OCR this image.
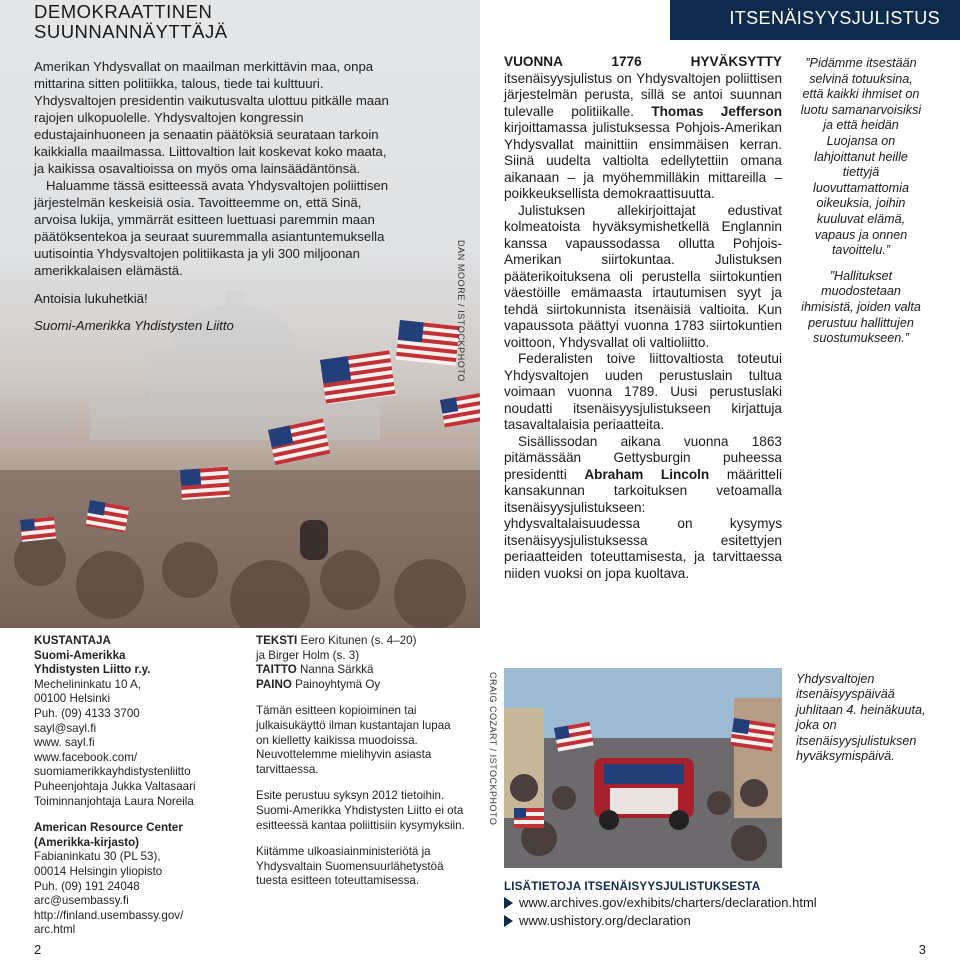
DEMOKRAATTINEN
SUUNNANNÄYTTÄJÄ

Amerikan Yhdysvallat on maailman merkittävin maa, onpa mittarina sitten politiikka, talous, tiede tai kulttuuri. Yhdysvaltojen presidentin vaikutusvalta ulottuu pitkälle maan rajojen ulkopuolelle. Yhdysvaltojen kongressin edustajainhuoneen ja senaatin päätöksiä seurataan tarkoin kaikkialla maailmassa. Liittovaltion lait koskevat koko maata, ja kaikissa osavaltioissa on myös oma lainsäädäntönsä.

Haluamme tässä esitteessä avata Yhdysvaltojen poliittisen järjestelmän keskeisiä osia. Tavoitteemme on, että Sinä, arvoisa lukija, ymmärrät esitteen luettuasi paremmin maan päätöksentekoa ja seuraat suuremmalla asiantuntemuksella uutisointia Yhdysvaltojen politiikasta ja yli 300 miljoonan amerikkalaisen elämästä.

Antoisia lukuhetkiä!

Suomi-Amerikka Yhdistysten Liitto	DAN MOORE / ISTOCKPHOTO
KUSTANTAJA
Suomi-Amerikka
Yhdistysten Liitto r.y.
Mechelininkatu 10 A,
00100 Helsinki
Puh. (09) 4133 3700
sayl@sayl.fi
www. sayl.fi
www.facebook.com/
suomiamerikkayhdistystenliitto
Puheenjohtaja Jukka Valtasaari
Toiminnanjohtaja Laura Noreila
American Resource Center
(Amerikka-kirjasto)
Fabianinkatu 30 (PL 53),
00014 Helsingin yliopisto
Puh. (09) 191 24048
arc@usembassy.fi
http://finland.usembassy.gov/
arc.html
TEKSTI Eero Kitunen (s. 4–20)
ja Birger Holm (s. 3)
TAITTO Nanna Särkkä
PAINO Painoyhtymä Oy
Tämän esitteen kopioiminen tai julkaisukäyttö ilman kustantajan lupaa on kielletty kaikissa muodoissa. Neuvottelemme mielihyvin asiasta tarvittaessa.
Esite perustuu syksyn 2012 tietoihin. Suomi-Amerikka Yhdistysten Liitto ei ota esitteessä kantaa poliittisiin kysymyksiin.
Kiitämme ulkoasiainministeriötä ja Yhdysvaltain Suomensuurlähetystöä tuesta esitteen toteuttamisessa.
2
ITSENÄISYYSJULISTUS

VUONNA 1776 HYVÄKSYTTY itsenäisyysjulistus on Yhdysvaltojen poliittisen järjestelmän perusta, sillä se antoi suunnan tulevalle politiikalle. Thomas Jefferson kirjoittamassa julistuksessa Pohjois-Amerikan Yhdysvallat mainittiin ensimmäisen kerran. Siinä uudelta valtiolta edellytettiin omana aikanaan – ja myöhemmilläkin mittareilla – poikkeuksellista demokraattisuutta.

Julistuksen allekirjoittajat edustivat kolmeatoista hyväksymishetkellä Englannin kanssa vapaussodassa ollutta Pohjois-Amerikan siirtokuntaa. Julistuksen pääterikoituksena oli perustella siirtokuntien väestöille emämaasta irtautumisen syyt ja tehdä siirtokunnista itsenäisiä valtioita. Kun vapaussota päättyi vuonna 1783 siirtokuntien voittoon, Yhdysvallat oli valtioliitto.

Federalisten toive liittovaltiosta toteutui Yhdysvaltojen uuden perustuslain tultua voimaan vuonna 1789. Uusi perustuslaki noudatti itsenäisyysjulistukseen kirjattuja tasavaltalaisia periaatteita.

Sisällissodan aikana vuonna 1863 pitämässään Gettysburgin puheessa presidentti Abraham Lincoln määritteli kansakunnan tarkoituksen vetoamalla itsenäisyysjulistukseen: yhdysvaltalaisuudessa on kysymys itsenäisyysjulistuksessa esitettyjen periaatteiden toteuttamisesta, ja tarvittaessa niiden vuoksi on jopa kuoltava.

”Pidämme itsestään selvinä totuuksina, että kaikki ihmiset on luotu samanarvoisiksi ja että heidän Luojansa on lahjoittanut heille tiettyjä luovuttamattomia oikeuksia, joihin kuuluvat elämä, vapaus ja onnen tavoittelu.”

”Hallitukset muodostetaan ihmisistä, joiden valta perustuu hallittujen suostumukseen.”

Yhdysvaltojen itsenäisyyspäivää juhlitaan 4. heinäkuuta, joka on itsenäisyysjulistuksen hyväksymispäivä.
LISÄTIETOJA ITSENÄISYYSJULISTUKSESTA
www.archives.gov/exhibits/charters/declaration.html
www.ushistory.org/declaration
3
CRAIG COZART / ISTOCKPHOTO
